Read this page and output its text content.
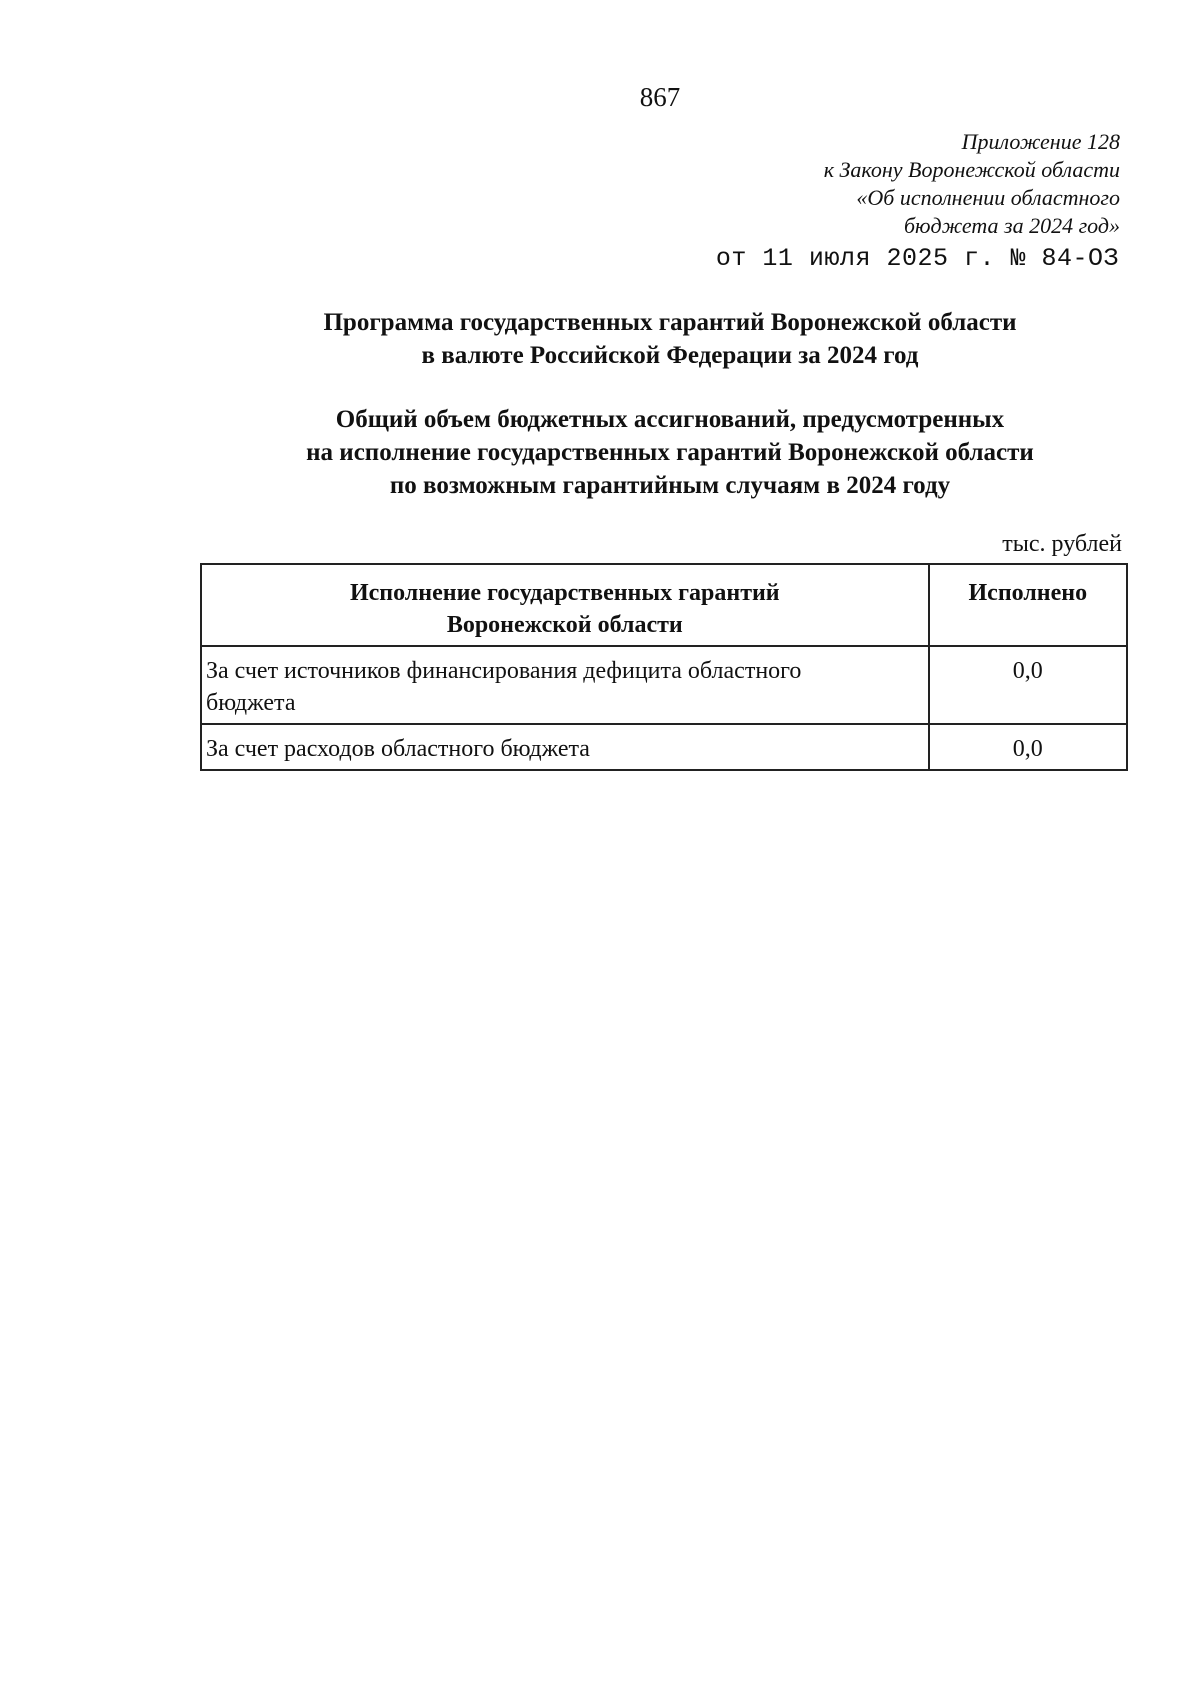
867
Приложение 128
к Закону Воронежской области
«Об исполнении областного
бюджета за 2024 год»
от 11 июля 2025 г. № 84-ОЗ
Программа государственных гарантий Воронежской области
в валюте Российской Федерации за 2024 год
Общий объем бюджетных ассигнований, предусмотренных
на исполнение государственных гарантий Воронежской области
по возможным гарантийным случаям в 2024 году
тыс. рублей
Исполнение государственных гарантий
Воронежской области	Исполнено

За счет источников финансирования дефицита областного
бюджета	0,0

За счет расходов областного бюджета	0,0
